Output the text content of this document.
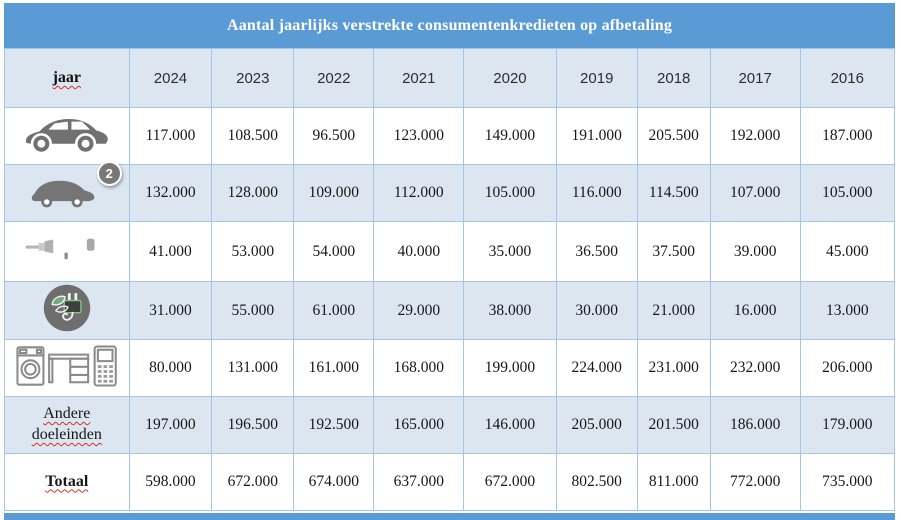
Aantal jaarlijks verstrekte consumentenkredieten op afbetaling
jaar	2024	2023	2022	2021	2020	2019	2018	2017	2016

	117.000	108.500	96.500	123.000	149.000	191.000	205.500	192.000	187.000

2	132.000	128.000	109.000	112.000	105.000	116.000	114.500	107.000	105.000

	41.000	53.000	54.000	40.000	35.000	36.500	37.500	39.000	45.000

	31.000	55.000	61.000	29.000	38.000	30.000	21.000	16.000	13.000

	80.000	131.000	161.000	168.000	199.000	224.000	231.000	232.000	206.000
Andere doeleinden	197.000	196.500	192.500	165.000	146.000	205.000	201.500	186.000	179.000
Totaal	598.000	672.000	674.000	637.000	672.000	802.500	811.000	772.000	735.000
